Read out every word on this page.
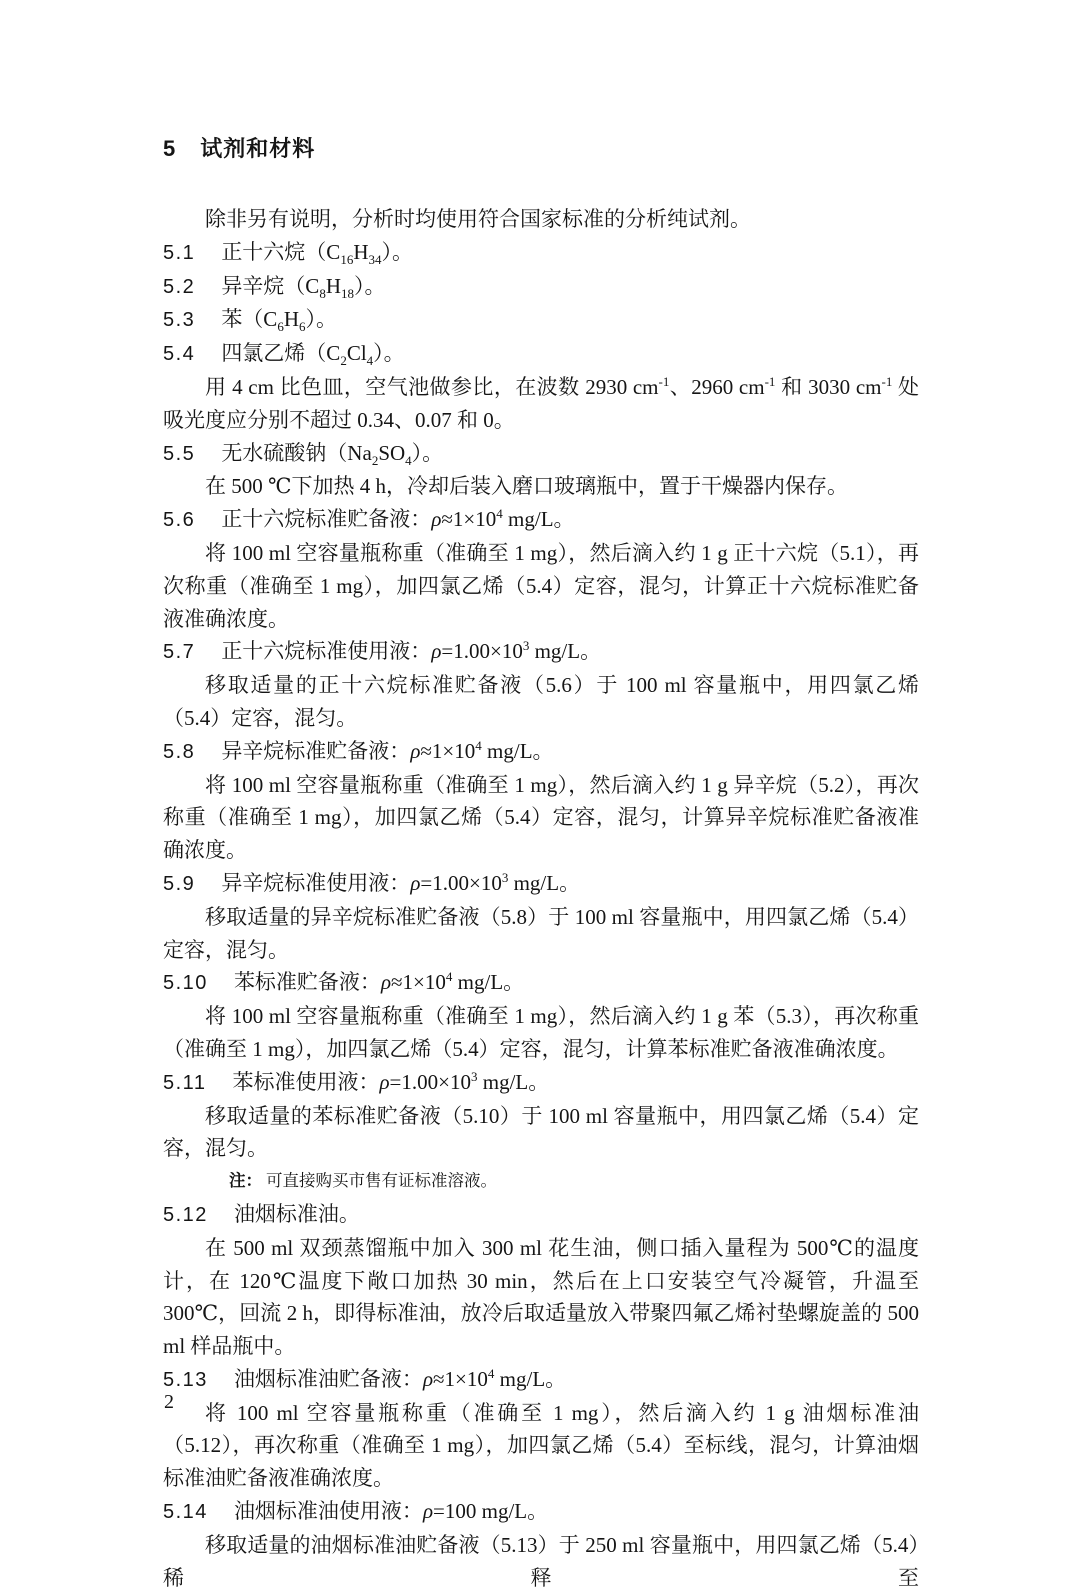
5 试剂和材料

除非另有说明，分析时均使用符合国家标准的分析纯试剂。

5.1 正十六烷$(C_{16}H_{34})$。

5.2 异辛烷$(C_8H_{18})$。

5.3 苯$(C_6H_6)$。

5.4 四氯乙烯$(C_2Cl_4)$。

用 4 cm 比色皿，空气池做参比，在波数 2930 $cm^{-1}$、2960 $cm^{-1}$ 和 3030 $cm^{-1}$ 处吸光度应分别不超过 0.34、0.07 和 0。

5.5 无水硫酸钠$(Na_2SO_4)$。

在 500 ℃下加热 4 h，冷却后装入磨口玻璃瓶中，置于干燥器内保存。

5.6 正十六烷标准贮备液：$\rho\approx 1\times 10^4$ mg/L。

将 100 ml 空容量瓶称重（准确至 1 mg），然后滴入约 1 g 正十六烷（5.1），再次称重（准确至 1 mg），加四氯乙烯（5.4）定容，混匀，计算正十六烷标准贮备液准确浓度。

5.7 正十六烷标准使用液：$\rho=1.00\times 10^3$ mg/L。

移取适量的正十六烷标准贮备液（5.6）于 100 ml 容量瓶中，用四氯乙烯（5.4）定容，混匀。

5.8 异辛烷标准贮备液：$\rho\approx 1\times 10^4$ mg/L。

将 100 ml 空容量瓶称重（准确至 1 mg），然后滴入约 1 g 异辛烷（5.2），再次称重（准确至 1 mg），加四氯乙烯（5.4）定容，混匀，计算异辛烷标准贮备液准确浓度。

5.9 异辛烷标准使用液：$\rho=1.00\times 10^3$ mg/L。

移取适量的异辛烷标准贮备液（5.8）于 100 ml 容量瓶中，用四氯乙烯（5.4）定容，混匀。

5.10 苯标准贮备液：$\rho\approx 1\times 10^4$ mg/L。

将 100 ml 空容量瓶称重（准确至 1 mg），然后滴入约 1 g 苯（5.3），再次称重（准确至 1 mg），加四氯乙烯（5.4）定容，混匀，计算苯标准贮备液准确浓度。

5.11 苯标准使用液：$\rho=1.00\times 10^3$ mg/L。

移取适量的苯标准贮备液（5.10）于 100 ml 容量瓶中，用四氯乙烯（5.4）定容，混匀。

注： 可直接购买市售有证标准溶液。

5.12 油烟标准油。

在 500 ml 双颈蒸馏瓶中加入 300 ml 花生油，侧口插入量程为 500℃的温度计，在 120℃温度下敞口加热 30 min，然后在上口安装空气冷凝管，升温至 300℃，回流 2 h，即得标准油，放冷后取适量放入带聚四氟乙烯衬垫螺旋盖的 500 ml 样品瓶中。

5.13 油烟标准油贮备液：$\rho\approx 1\times 10^4$ mg/L。

将 100 ml 空容量瓶称重（准确至 1 mg），然后滴入约 1 g 油烟标准油（5.12），再次称重（准确至 1 mg），加四氯乙烯（5.4）至标线，混匀，计算油烟标准油贮备液准确浓度。

5.14 油烟标准油使用液：ρ=100 mg/L。

移取适量的油烟标准油贮备液（5.13）于 250 ml 容量瓶中，用四氯乙烯（5.4）稀释至

2
